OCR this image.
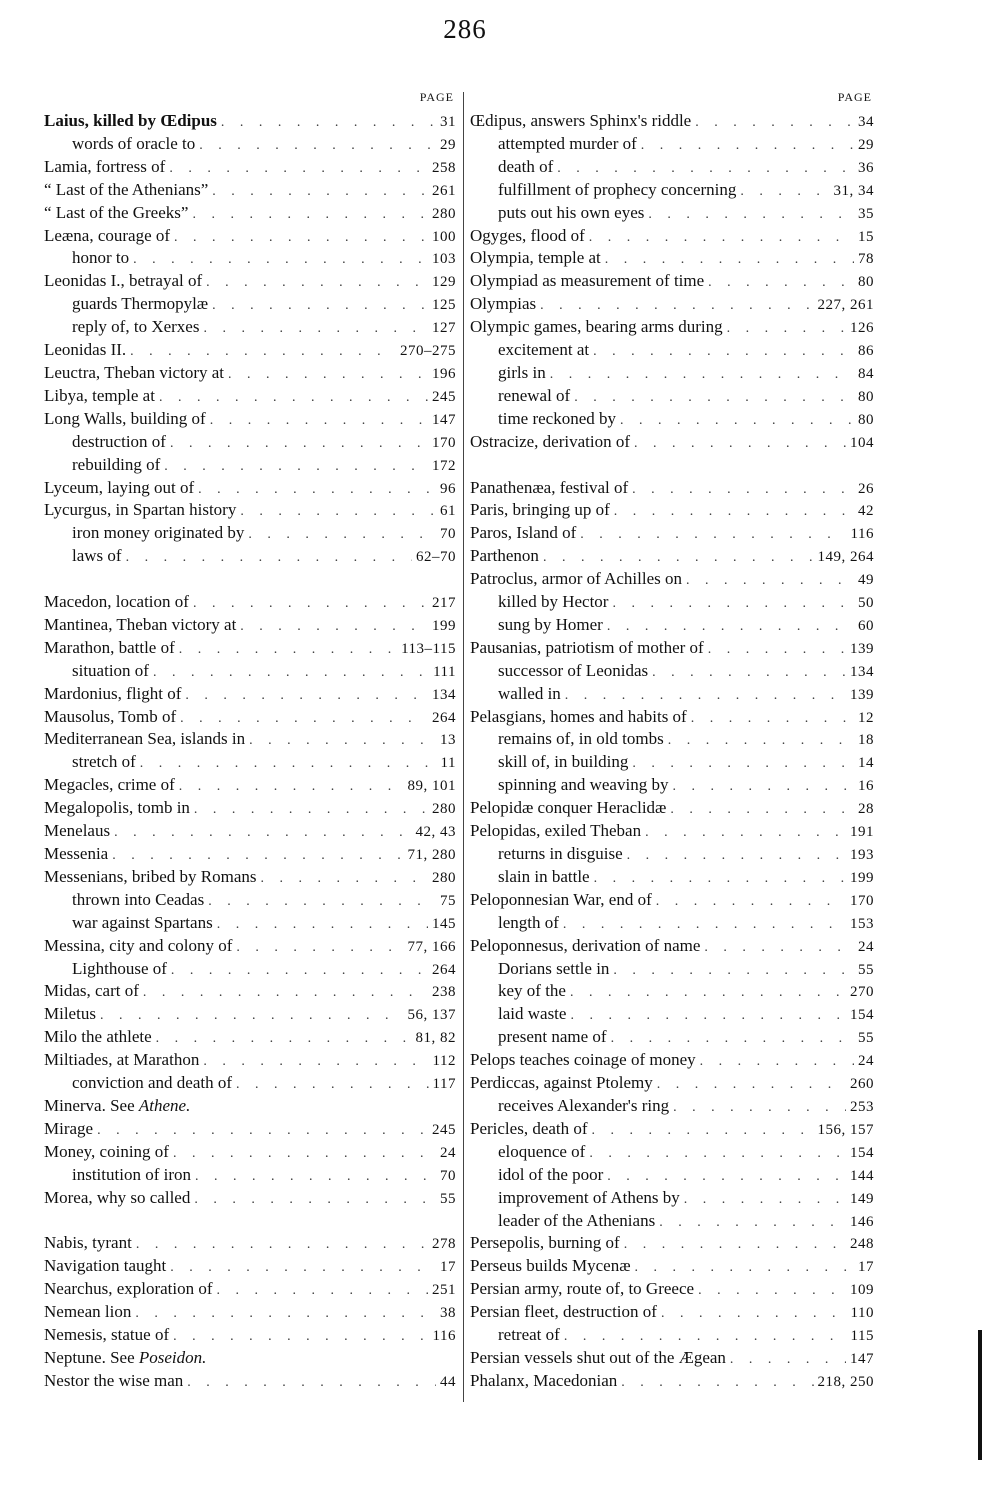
286
PAGE
Laius, killed by Œdipus . . .	31
words of oracle to . . .	29
Lamia, fortress of . . .	258
“ Last of the Athenians” . . .	261
“ Last of the Greeks” . . .	280
Leæna, courage of . . .	100
honor to . . .	103
Leonidas I., betrayal of . . .	129
guards Thermopylæ . . .	125
reply of, to Xerxes . . .	127
Leonidas II. . . .	270–275
Leuctra, Theban victory at . . .	196
Libya, temple at . . .	245
Long Walls, building of . . .	147
destruction of . . .	170
rebuilding of . . .	172
Lyceum, laying out of . . .	96
Lycurgus, in Spartan history . . .	61
iron money originated by . . .	70
laws of . . .	62–70
Macedon, location of . . .	217
Mantinea, Theban victory at . . .	199
Marathon, battle of . . .	113–115
situation of . . .	111
Mardonius, flight of . . .	134
Mausolus, Tomb of . . .	264
Mediterranean Sea, islands in . . .	13
stretch of . . .	11
Megacles, crime of . . .	89, 101
Megalopolis, tomb in . . .	280
Menelaus . . .	42, 43
Messenia . . .	71, 280
Messenians, bribed by Romans . . .	280
thrown into Ceadas . . .	75
war against Spartans . . .	145
Messina, city and colony of . . .	77, 166
Lighthouse of . . .	264
Midas, cart of . . .	238
Miletus . . .	56, 137
Milo the athlete . . .	81, 82
Miltiades, at Marathon . . .	112
conviction and death of . . .	117
Minerva. See Athene.
Mirage . . .	245
Money, coining of . . .	24
institution of iron . . .	70
Morea, why so called . . .	55
Nabis, tyrant . . .	278
Navigation taught . . .	17
Nearchus, exploration of . . .	251
Nemean lion . . .	38
Nemesis, statue of . . .	116
Neptune. See Poseidon.
Nestor the wise man . . .	44
PAGE
Œdipus, answers Sphinx's riddle . . .	34
attempted murder of . . .	29
death of . . .	36
fulfillment of prophecy concerning . . .	31, 34
puts out his own eyes . . .	35
Ogyges, flood of . . .	15
Olympia, temple at . . .	78
Olympiad as measurement of time . . .	80
Olympias . . .	227, 261
Olympic games, bearing arms during . . .	126
excitement at . . .	86
girls in . . .	84
renewal of . . .	80
time reckoned by . . .	80
Ostracize, derivation of . . .	104
Panathenæa, festival of . . .	26
Paris, bringing up of . . .	42
Paros, Island of . . .	116
Parthenon . . .	149, 264
Patroclus, armor of Achilles on . . .	49
killed by Hector . . .	50
sung by Homer . . .	60
Pausanias, patriotism of mother of . . .	139
successor of Leonidas . . .	134
walled in . . .	139
Pelasgians, homes and habits of . . .	12
remains of, in old tombs . . .	18
skill of, in building . . .	14
spinning and weaving by . . .	16
Pelopidæ conquer Heraclidæ . . .	28
Pelopidas, exiled Theban . . .	191
returns in disguise . . .	193
slain in battle . . .	199
Peloponnesian War, end of . . .	170
length of . . .	153
Peloponnesus, derivation of name . . .	24
Dorians settle in . . .	55
key of the . . .	270
laid waste . . .	154
present name of . . .	55
Pelops teaches coinage of money . . .	24
Perdiccas, against Ptolemy . . .	260
receives Alexander's ring . . .	253
Pericles, death of . . .	156, 157
eloquence of . . .	154
idol of the poor . . .	144
improvement of Athens by . . .	149
leader of the Athenians . . .	146
Persepolis, burning of . . .	248
Perseus builds Mycenæ . . .	17
Persian army, route of, to Greece . . .	109
Persian fleet, destruction of . . .	110
retreat of . . .	115
Persian vessels shut out of the Ægean . . .	147
Phalanx, Macedonian . . .	218, 250
